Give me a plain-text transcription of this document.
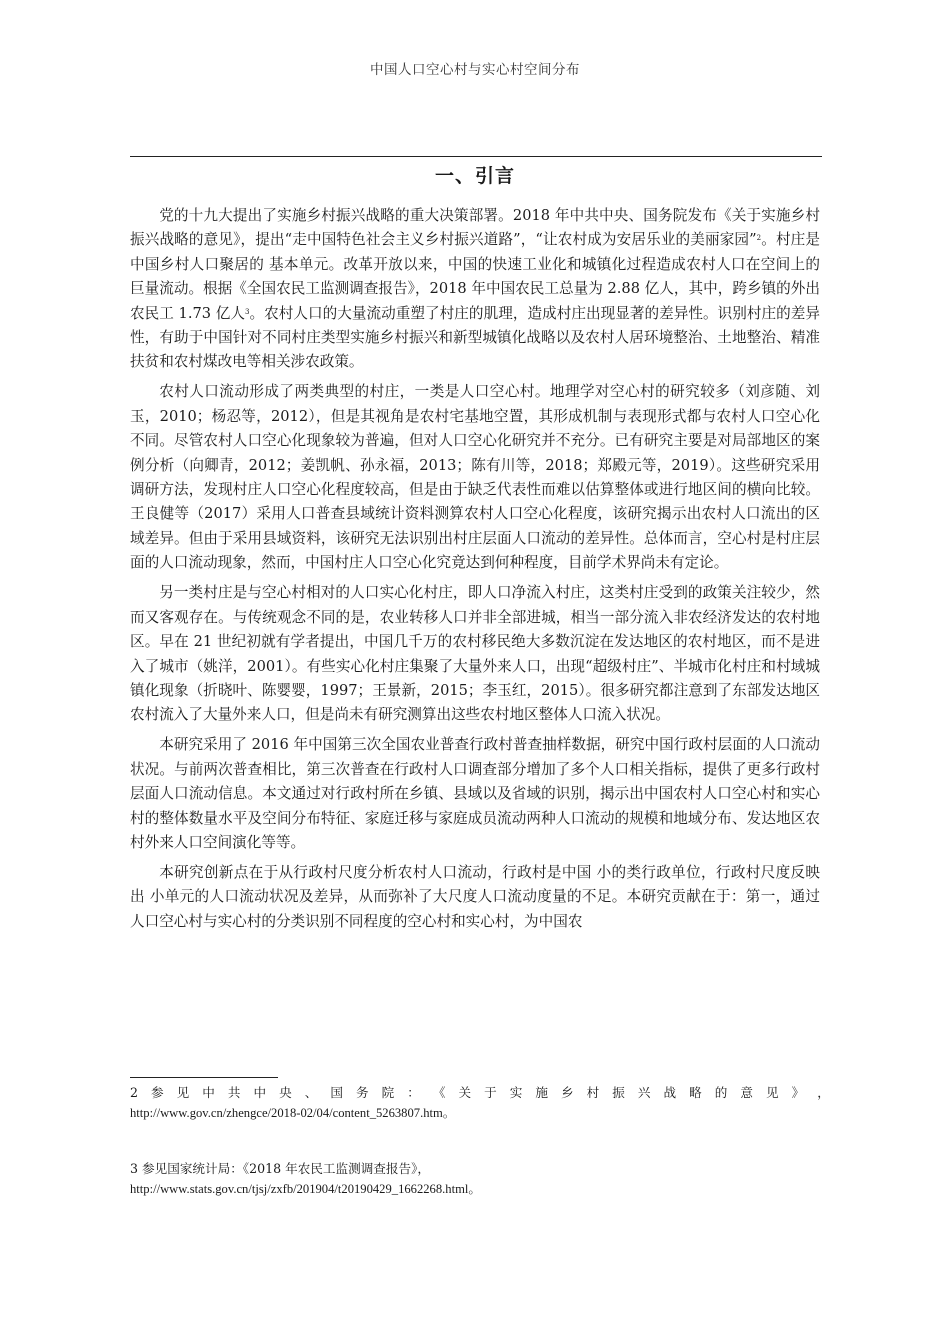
中国人口空心村与实心村空间分布
一、引言

党的十九大提出了实施乡村振兴战略的重大决策部署。2018 年中共中央、国务院发布《关于实施乡村振兴战略的意见》，提出“走中国特色社会主义乡村振兴道路”，“让农村成为安居乐业的美丽家园”$^2$。村庄是中国乡村人口聚居的 基本单元。改革开放以来，中国的快速工业化和城镇化过程造成农村人口在空间上的巨量流动。根据《全国农民工监测调查报告》，2018 年中国农民工总量为 2.88 亿人，其中，跨乡镇的外出农民工 1.73 亿人$^3$。农村人口的大量流动重塑了村庄的肌理，造成村庄出现显著的差异性。识别村庄的差异性，有助于中国针对不同村庄类型实施乡村振兴和新型城镇化战略以及农村人居环境整治、土地整治、精准扶贫和农村煤改电等相关涉农政策。

农村人口流动形成了两类典型的村庄，一类是人口空心村。地理学对空心村的研究较多（刘彦随、刘玉，2010；杨忍等，2012），但是其视角是农村宅基地空置，其形成机制与表现形式都与农村人口空心化不同。尽管农村人口空心化现象较为普遍，但对人口空心化研究并不充分。已有研究主要是对局部地区的案例分析（向卿青，2012；姜凯帆、孙永福，2013；陈有川等，2018；郑殿元等，2019）。这些研究采用调研方法，发现村庄人口空心化程度较高，但是由于缺乏代表性而难以估算整体或进行地区间的横向比较。王良健等（2017）采用人口普查县域统计资料测算农村人口空心化程度，该研究揭示出农村人口流出的区域差异。但由于采用县域资料，该研究无法识别出村庄层面人口流动的差异性。总体而言，空心村是村庄层面的人口流动现象，然而，中国村庄人口空心化究竟达到何种程度，目前学术界尚未有定论。

另一类村庄是与空心村相对的人口实心化村庄，即人口净流入村庄，这类村庄受到的政策关注较少，然而又客观存在。与传统观念不同的是，农业转移人口并非全部进城，相当一部分流入非农经济发达的农村地区。早在 21 世纪初就有学者提出，中国几千万的农村移民绝大多数沉淀在发达地区的农村地区，而不是进入了城市（姚洋，2001）。有些实心化村庄集聚了大量外来人口，出现“超级村庄”、半城市化村庄和村域城镇化现象（折晓叶、陈婴婴，1997；王景新，2015；李玉红，2015）。很多研究都注意到了东部发达地区农村流入了大量外来人口，但是尚未有研究测算出这些农村地区整体人口流入状况。

本研究采用了 2016 年中国第三次全国农业普查行政村普查抽样数据，研究中国行政村层面的人口流动状况。与前两次普查相比，第三次普查在行政村人口调查部分增加了多个人口相关指标，提供了更多行政村层面人口流动信息。本文通过对行政村所在乡镇、县域以及省域的识别，揭示出中国农村人口空心村和实心村的整体数量水平及空间分布特征、家庭迁移与家庭成员流动两种人口流动的规模和地域分布、发达地区农村外来人口空间演化等等。

本研究创新点在于从行政村尺度分析农村人口流动，行政村是中国 小的类行政单位，行政村尺度反映出 小单元的人口流动状况及差异，从而弥补了大尺度人口流动度量的不足。本研究贡献在于：第一，通过人口空心村与实心村的分类识别不同程度的空心村和实心村，为中国农

2 参 见 中 共 中 央 、 国 务 院 ： 《 关 于 实 施 乡 村 振 兴 战 略 的 意 见 》 ，
http://www.gov.cn/zhengce/2018-02/04/content_5263807.htm。
3 参见国家统计局：《2018 年农民工监测调查报告》，
http://www.stats.gov.cn/tjsj/zxfb/201904/t20190429_1662268.html。
